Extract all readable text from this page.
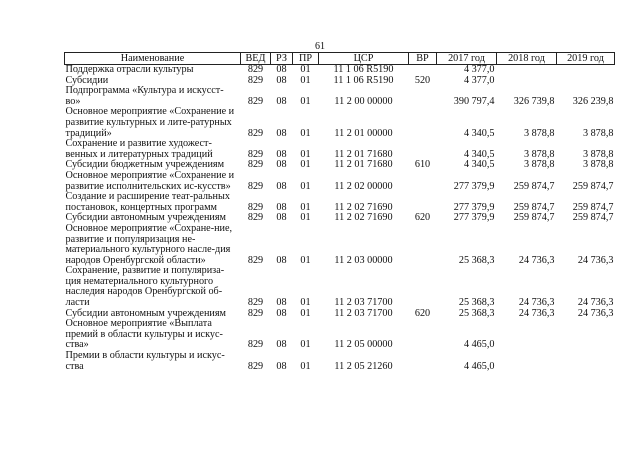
61
Наименование	ВЕД	РЗ	ПР	ЦСР	ВР	2017 год	2018 год	2019 год
Поддержка отрасли культуры	829	08	01	11 1 06 R5190		4 377,0		
Субсидии	829	08	01	11 1 06 R5190	520	4 377,0		
Подпрограмма «Культура и искусст-во»	829	08	01	11 2 00 00000		390 797,4	326 739,8	326 239,8
Основное мероприятие «Сохранение и развитие культурных и лите-ратурных традиций»	829	08	01	11 2 01 00000		4 340,5	3 878,8	3 878,8
Сохранение и развитие художест-венных и литературных традиций	829	08	01	11 2 01 71680		4 340,5	3 878,8	3 878,8
Субсидии бюджетным учреждениям	829	08	01	11 2 01 71680	610	4 340,5	3 878,8	3 878,8
Основное мероприятие «Сохранение и развитие исполнительских ис-кусств»	829	08	01	11 2 02 00000		277 379,9	259 874,7	259 874,7
Создание и расширение теат-ральных постановок, концертных программ	829	08	01	11 2 02 71690		277 379,9	259 874,7	259 874,7
Субсидии автономным учреждениям	829	08	01	11 2 02 71690	620	277 379,9	259 874,7	259 874,7
Основное мероприятие «Сохране-ние, развитие и популяризация не-материального культурного насле-дия народов Оренбургской области»	829	08	01	11 2 03 00000		25 368,3	24 736,3	24 736,3
Сохранение, развитие и популяриза-ция нематериального культурного наследия народов Оренбургской об-ласти	829	08	01	11 2 03 71700		25 368,3	24 736,3	24 736,3
Субсидии автономным учреждениям	829	08	01	11 2 03 71700	620	25 368,3	24 736,3	24 736,3
Основное мероприятие «Выплата премий в области культуры и искус-ства»	829	08	01	11 2 05 00000		4 465,0		
Премии в области культуры и искус-ства	829	08	01	11 2 05 21260		4 465,0		
